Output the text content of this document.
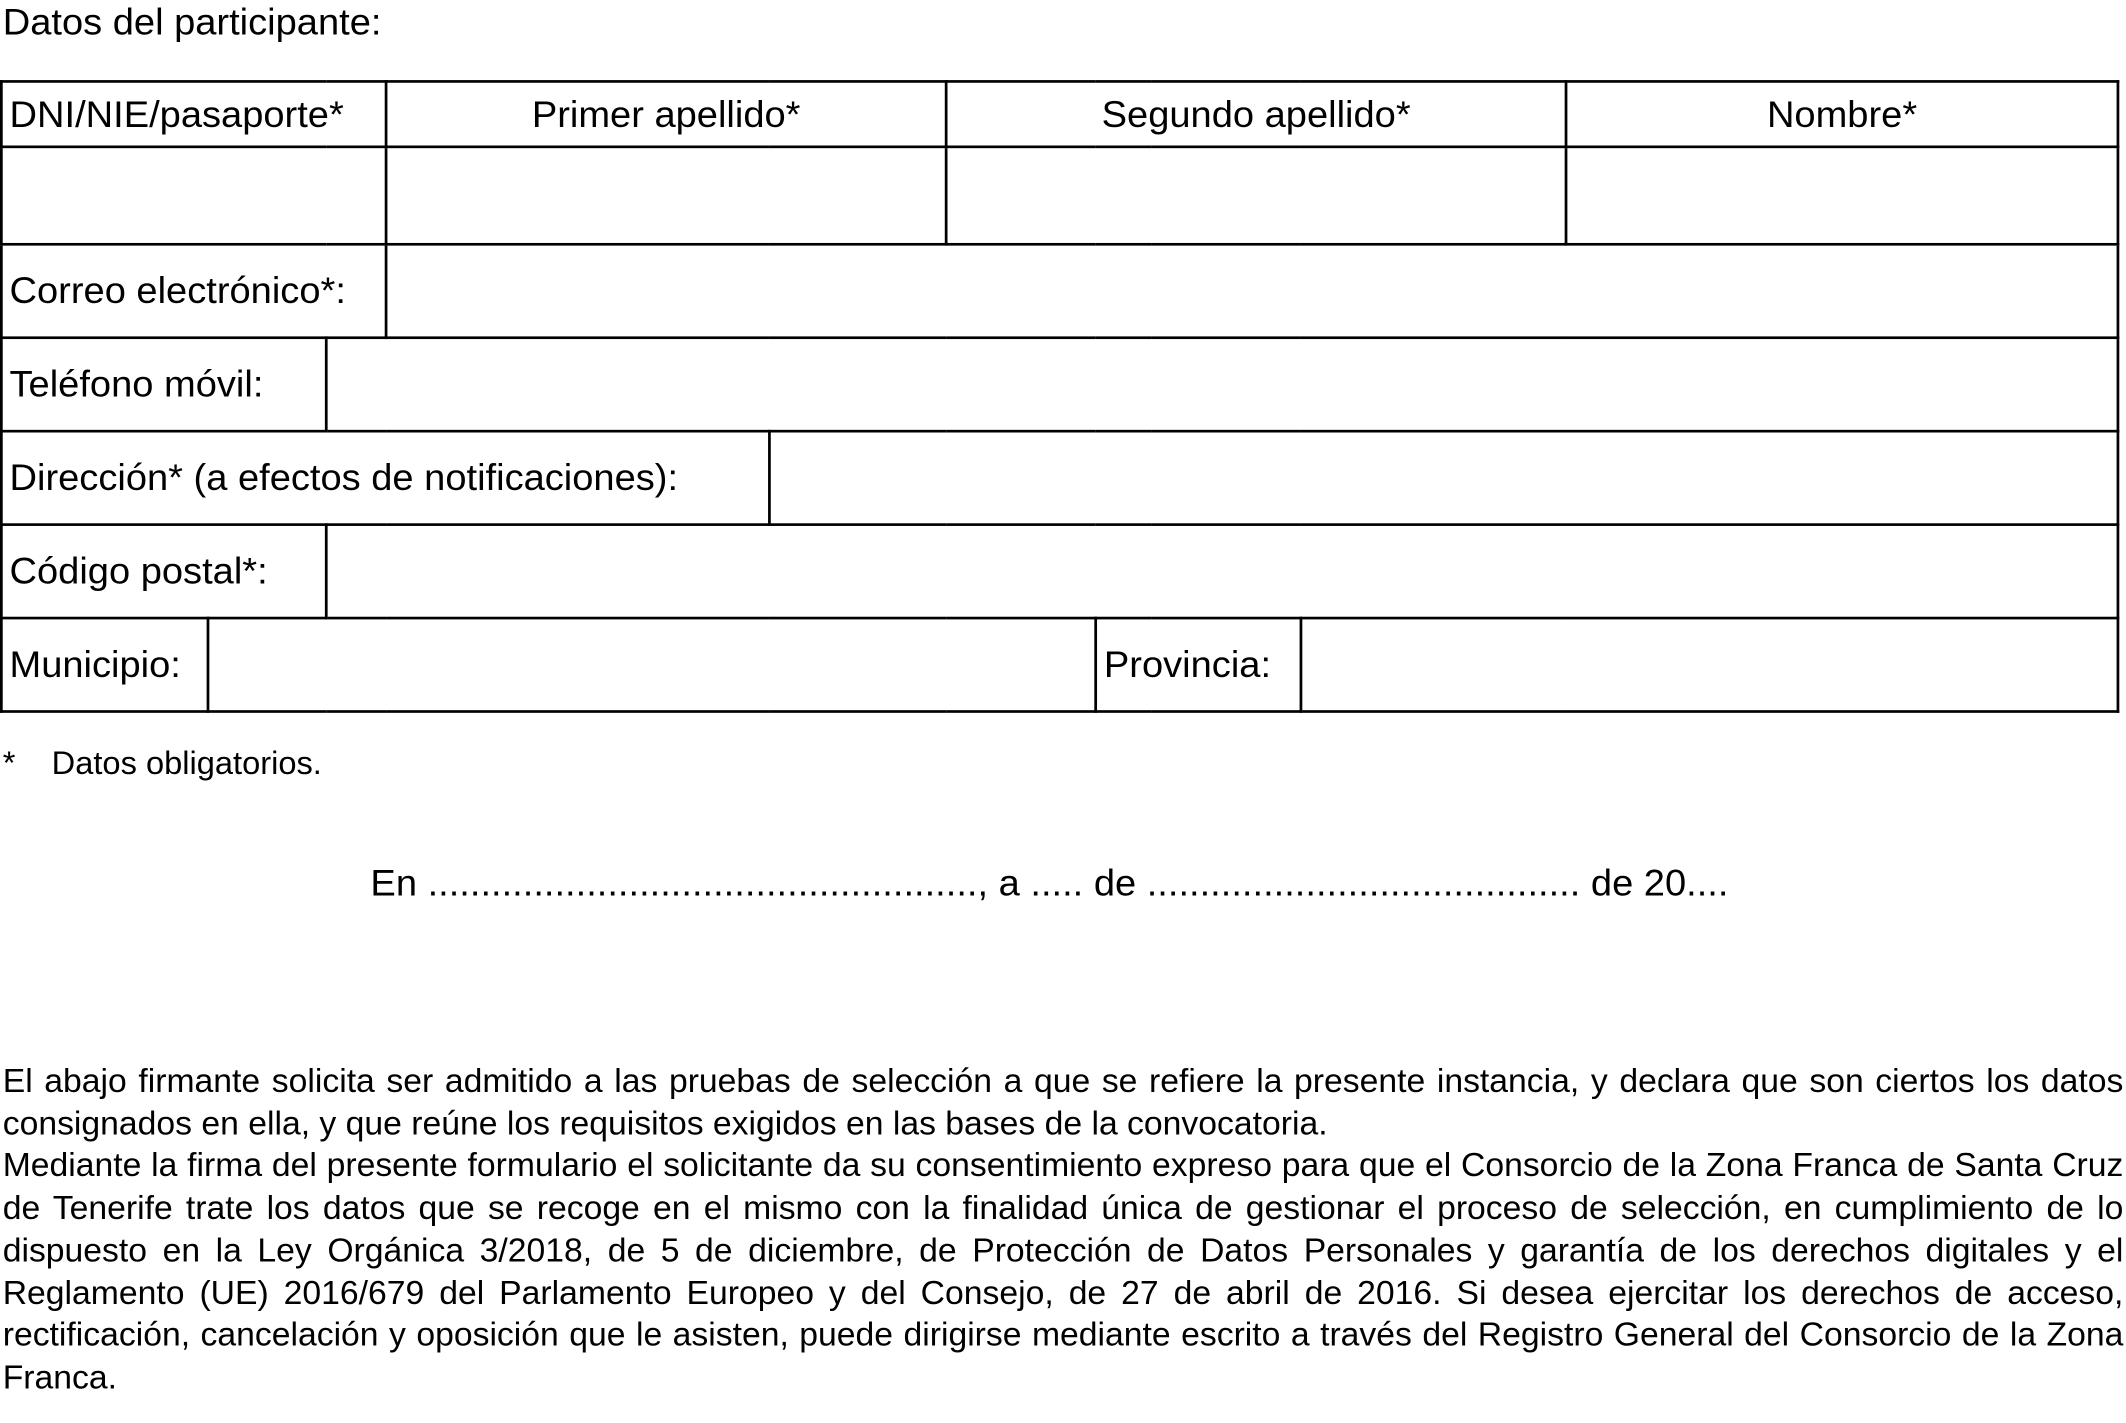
Datos del participante:
DNI/NIE/pasaporte*			Primer apellido*		Segundo apellido*			Nombre*

Correo electrónico*:								
Teléfono móvil:								
Dirección* (a efectos de notificaciones):								
Código postal*:								
Municipio:						Provincia:		
* Datos obligatorios.
En ...................................................., a ..... de ......................................... de 20....

El abajo firmante solicita ser admitido a las pruebas de selección a que se refiere la presente instancia, y declara que son ciertos los datos consignados en ella, y que reúne los requisitos exigidos en las bases de la convocatoria.

Mediante la firma del presente formulario el solicitante da su consentimiento expreso para que el Consorcio de la Zona Franca de Santa Cruz de Tenerife trate los datos que se recoge en el mismo con la finalidad única de gestionar el proceso de selección, en cumplimiento de lo dispuesto en la Ley Orgánica 3/2018, de 5 de diciembre, de Protección de Datos Personales y garantía de los derechos digitales y el Reglamento (UE) 2016/679 del Parlamento Europeo y del Consejo, de 27 de abril de 2016. Si desea ejercitar los derechos de acceso, rectificación, cancelación y oposición que le asisten, puede dirigirse mediante escrito a través del Registro General del Consorcio de la Zona Franca.
